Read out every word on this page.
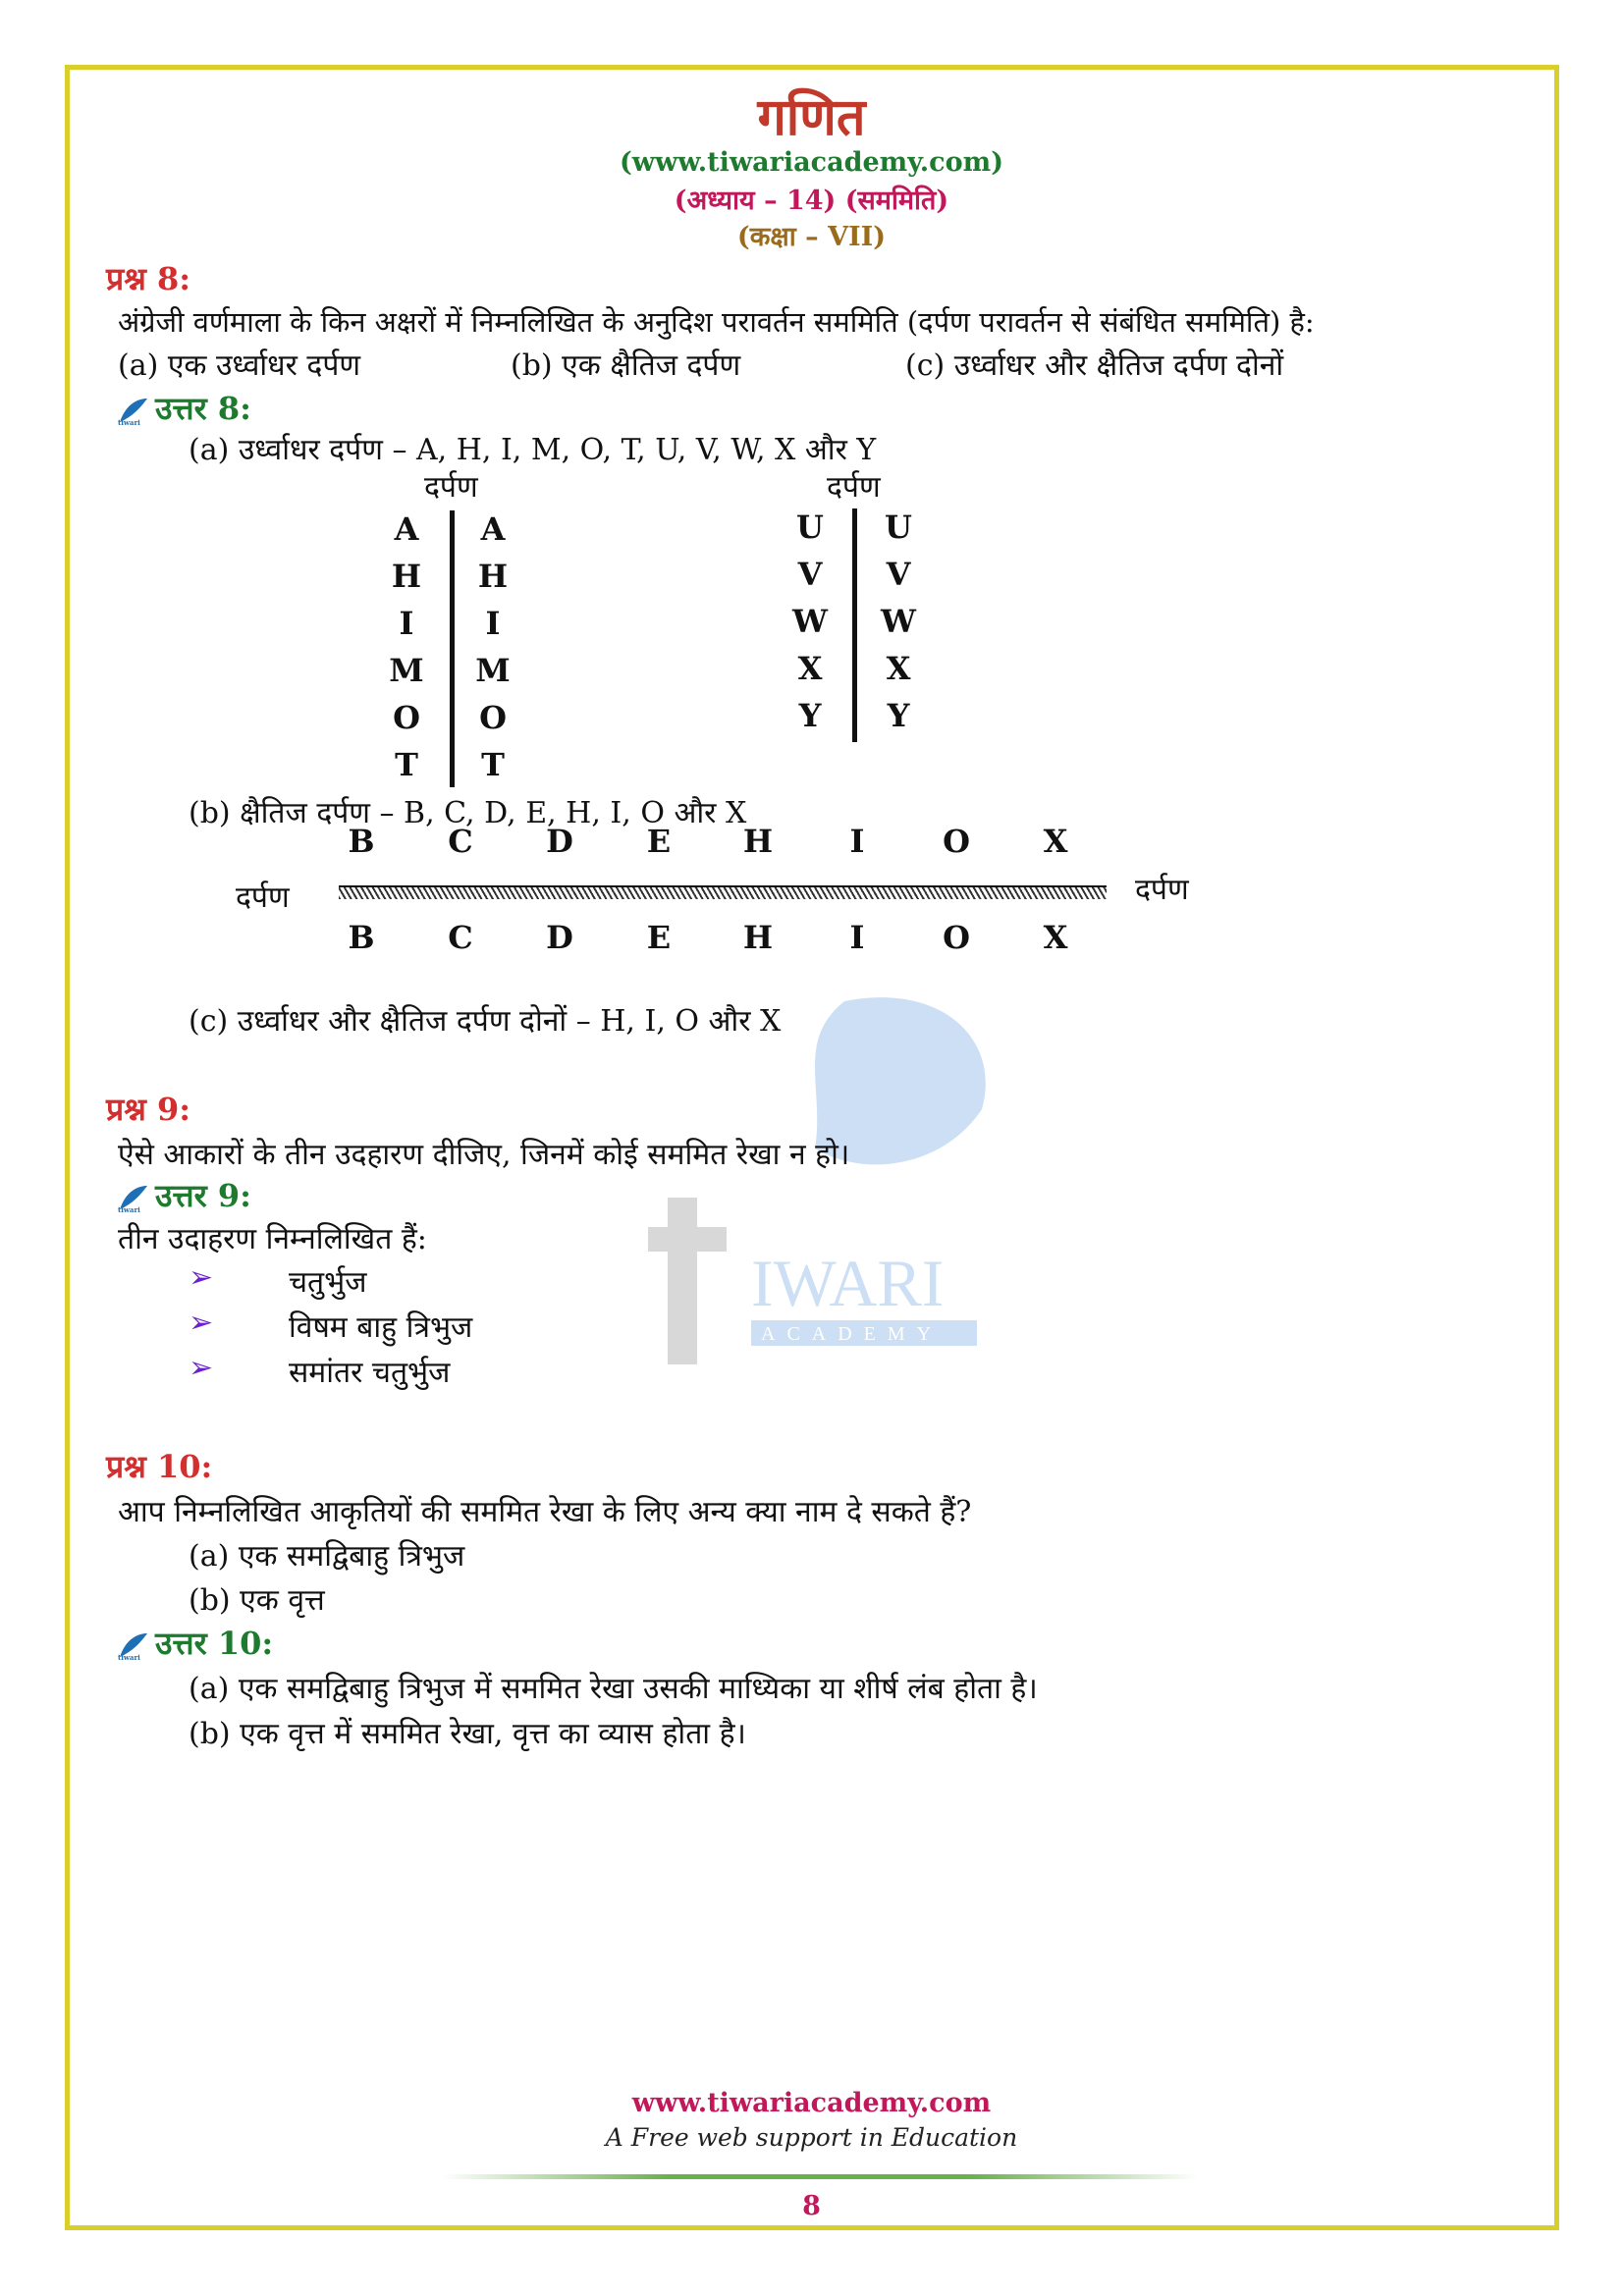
IWARI
ACADEMY
गणित
(www.tiwariacademy.com)
(अध्याय – 14) (सममिति)
(कक्षा – VII)
प्रश्न 8:
अंग्रेजी वर्णमाला के किन अक्षरों में निम्नलिखित के अनुदिश परावर्तन सममिति (दर्पण परावर्तन से संबंधित सममिति) है:
(a) एक उर्ध्वाधर दर्पण	(b) एक क्षैतिज दर्पण	(c) उर्ध्वाधर और क्षैतिज दर्पण दोनों
tiwari उत्तर 8:
(a) उर्ध्वाधर दर्पण – A, H, I, M, O, T, U, V, W, X और Y
दर्पण	दर्पण
A A
H H
I	I
M M
O O
T T
U U
V V
W W
X X
Y Y
(b) क्षैतिज दर्पण – B, C, D, E, H, I, O और X
B C D E H	I	O X
दर्पण	दर्पण
B C D E H	I	O X
(c) उर्ध्वाधर और क्षैतिज दर्पण दोनों – H, I, O और X
प्रश्न 9:
ऐसे आकारों के तीन उदहारण दीजिए, जिनमें कोई सममित रेखा न हो।
tiwari उत्तर 9:
तीन उदाहरण निम्नलिखित हैं:
➢	चतुर्भुज
➢	विषम बाहु त्रिभुज
➢	समांतर चतुर्भुज
प्रश्न 10:
आप निम्नलिखित आकृतियों की सममित रेखा के लिए अन्य क्या नाम दे सकते हैं?
(a) एक समद्विबाहु त्रिभुज
(b) एक वृत्त
tiwari उत्तर 10:
(a) एक समद्विबाहु त्रिभुज में सममित रेखा उसकी माध्यिका या शीर्ष लंब होता है।
(b) एक वृत्त में सममित रेखा, वृत्त का व्यास होता है।
www.tiwariacademy.com
A Free web support in Education
8
